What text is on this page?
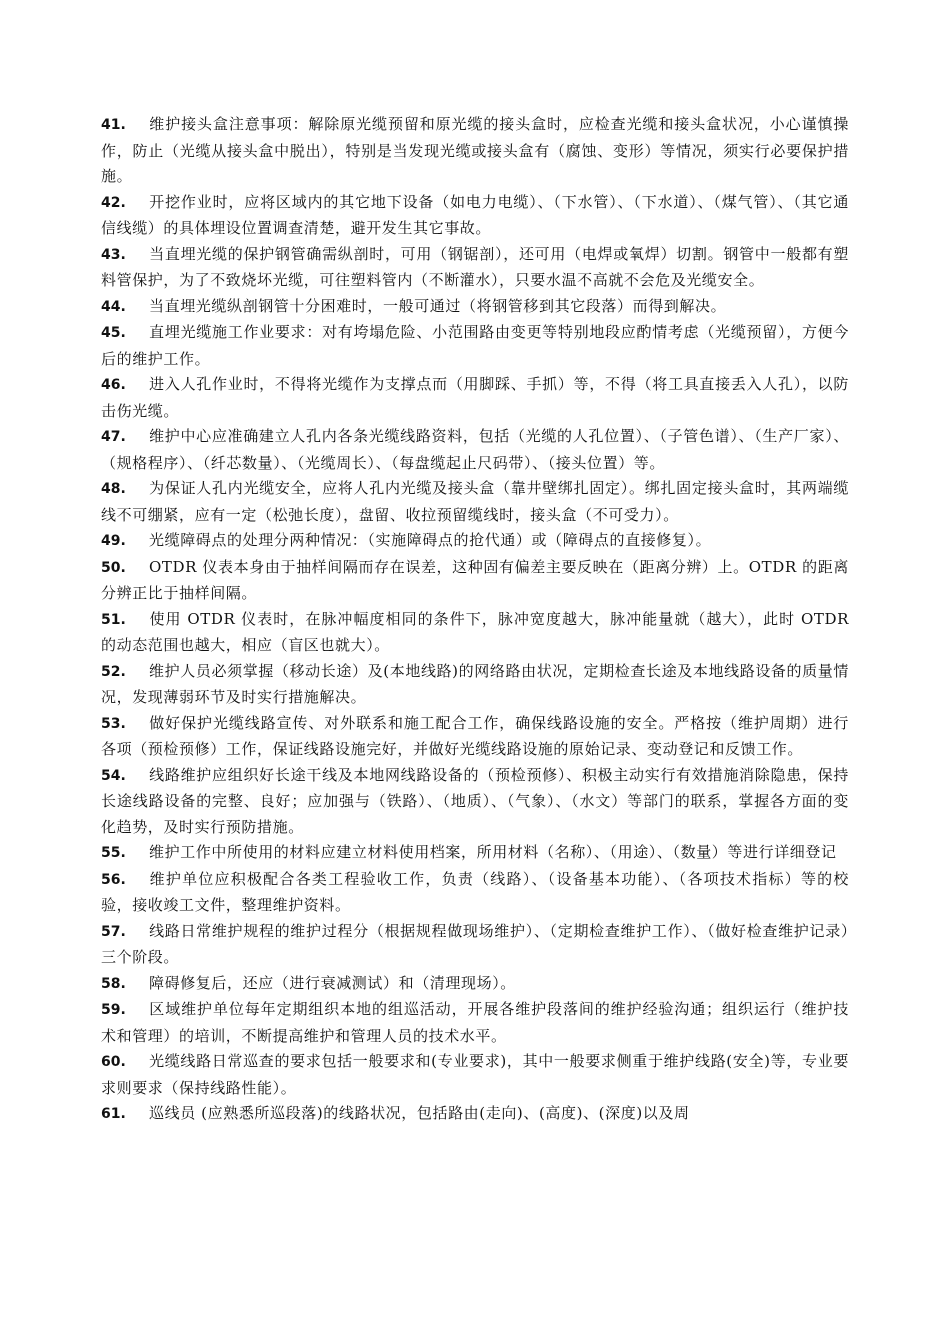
41. 维护接头盒注意事项：解除原光缆预留和原光缆的接头盒时，应检查光缆和接头盒状况，小心谨慎操作，防止（光缆从接头盒中脱出），特别是当发现光缆或接头盒有（腐蚀、变形）等情况，须实行必要保护措施。

42. 开挖作业时，应将区域内的其它地下设备（如电力电缆）、（下水管）、（下水道）、（煤气管）、（其它通信线缆）的具体埋设位置调查清楚，避开发生其它事故。

43. 当直埋光缆的保护钢管确需纵剖时，可用（钢锯剖），还可用（电焊或氧焊）切割。钢管中一般都有塑料管保护，为了不致烧坏光缆，可往塑料管内（不断灌水），只要水温不高就不会危及光缆安全。

44. 当直埋光缆纵剖钢管十分困难时，一般可通过（将钢管移到其它段落）而得到解决。

45. 直埋光缆施工作业要求：对有垮塌危险、小范围路由变更等特别地段应酌情考虑（光缆预留），方便今后的维护工作。

46. 进入人孔作业时，不得将光缆作为支撑点而（用脚踩、手抓）等，不得（将工具直接丢入人孔），以防击伤光缆。

47. 维护中心应准确建立人孔内各条光缆线路资料，包括（光缆的人孔位置）、（子管色谱）、（生产厂家）、（规格程序）、（纤芯数量）、（光缆周长）、（每盘缆起止尺码带）、（接头位置）等。

48. 为保证人孔内光缆安全，应将人孔内光缆及接头盒（靠井壁绑扎固定）。绑扎固定接头盒时，其两端缆线不可绷紧，应有一定（松弛长度），盘留、收拉预留缆线时，接头盒（不可受力）。

49. 光缆障碍点的处理分两种情况：（实施障碍点的抢代通）或（障碍点的直接修复）。

50. OTDR 仪表本身由于抽样间隔而存在误差，这种固有偏差主要反映在（距离分辨）上。OTDR 的距离分辨正比于抽样间隔。

51. 使用 OTDR 仪表时，在脉冲幅度相同的条件下，脉冲宽度越大，脉冲能量就（越大），此时 OTDR 的动态范围也越大，相应（盲区也就大）。

52. 维护人员必须掌握（移动长途）及(本地线路)的网络路由状况，定期检查长途及本地线路设备的质量情况，发现薄弱环节及时实行措施解决。

53. 做好保护光缆线路宣传、对外联系和施工配合工作，确保线路设施的安全。严格按（维护周期）进行各项（预检预修）工作，保证线路设施完好，并做好光缆线路设施的原始记录、变动登记和反馈工作。

54. 线路维护应组织好长途干线及本地网线路设备的（预检预修）、积极主动实行有效措施消除隐患，保持长途线路设备的完整、良好；应加强与（铁路）、（地质）、（气象）、（水文）等部门的联系，掌握各方面的变化趋势，及时实行预防措施。

55. 维护工作中所使用的材料应建立材料使用档案，所用材料（名称）、（用途）、（数量）等进行详细登记

56. 维护单位应积极配合各类工程验收工作，负责（线路）、（设备基本功能）、（各项技术指标）等的校验，接收竣工文件，整理维护资料。

57. 线路日常维护规程的维护过程分（根据规程做现场维护）、（定期检查维护工作）、（做好检查维护记录）三个阶段。

58. 障碍修复后，还应（进行衰减测试）和（清理现场）。

59. 区域维护单位每年定期组织本地的组巡活动，开展各维护段落间的维护经验沟通；组织运行（维护技术和管理）的培训，不断提高维护和管理人员的技术水平。

60. 光缆线路日常巡查的要求包括一般要求和(专业要求)，其中一般要求侧重于维护线路(安全)等，专业要求则要求（保持线路性能）。

61. 巡线员 (应熟悉所巡段落)的线路状况，包括路由(走向)、(高度)、(深度)以及周
